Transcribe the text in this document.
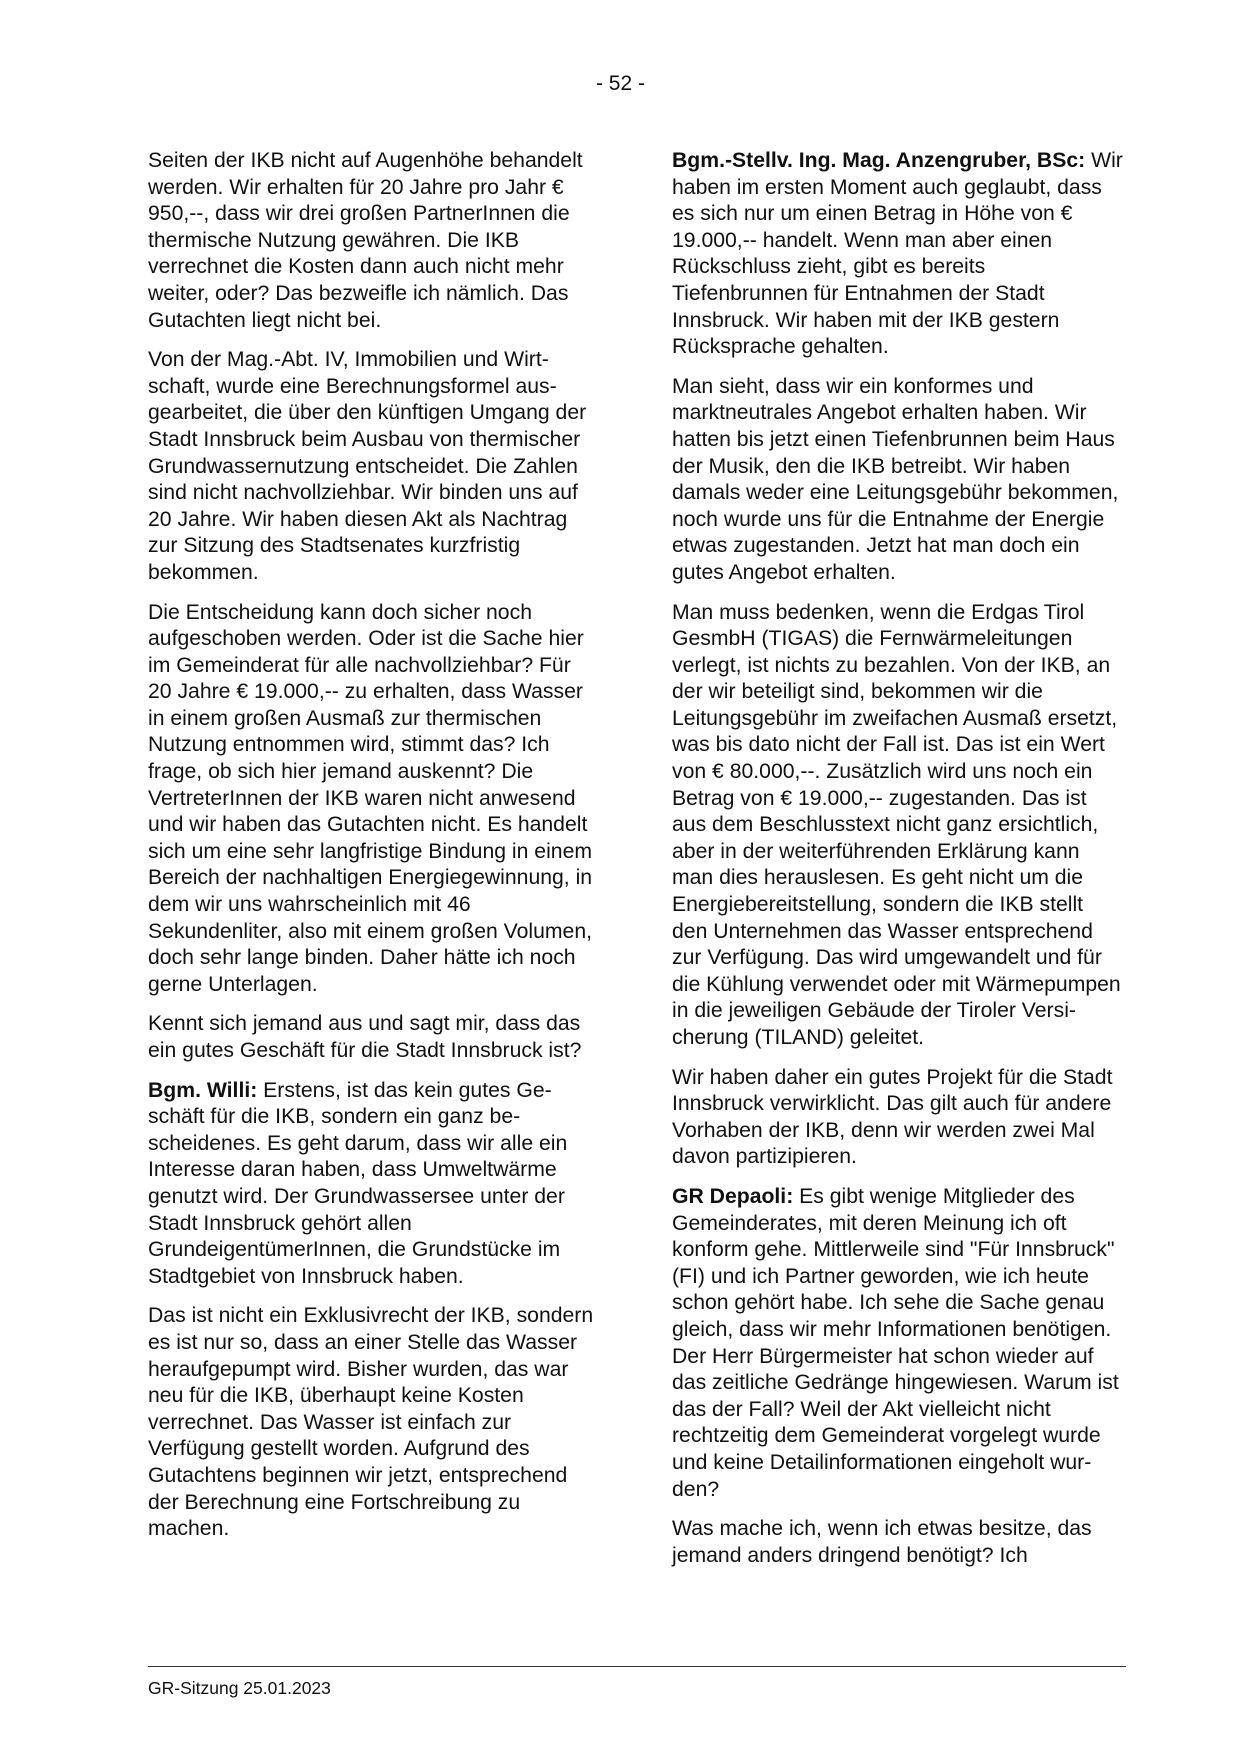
- 52 -

Seiten der IKB nicht auf Augenhöhe behandelt werden. Wir erhalten für 20 Jahre pro Jahr € 950,--, dass wir drei großen PartnerInnen die thermische Nutzung gewähren. Die IKB verrechnet die Kosten dann auch nicht mehr weiter, oder? Das bezweifle ich nämlich. Das Gutachten liegt nicht bei.

Von der Mag.-Abt. IV, Immobilien und Wirtschaft, wurde eine Berechnungsformel ausgearbeitet, die über den künftigen Umgang der Stadt Innsbruck beim Ausbau von thermischer Grundwassernutzung entscheidet. Die Zahlen sind nicht nachvollziehbar. Wir binden uns auf 20 Jahre. Wir haben diesen Akt als Nachtrag zur Sitzung des Stadtsenates kurzfristig bekommen.

Die Entscheidung kann doch sicher noch aufgeschoben werden. Oder ist die Sache hier im Gemeinderat für alle nachvollziehbar? Für 20 Jahre € 19.000,-- zu erhalten, dass Wasser in einem großen Ausmaß zur thermischen Nutzung entnommen wird, stimmt das? Ich frage, ob sich hier jemand auskennt? Die VertreterInnen der IKB waren nicht anwesend und wir haben das Gutachten nicht. Es handelt sich um eine sehr langfristige Bindung in einem Bereich der nachhaltigen Energiegewinnung, in dem wir uns wahrscheinlich mit 46 Sekundenliter, also mit einem großen Volumen, doch sehr lange binden. Daher hätte ich noch gerne Unterlagen.

Kennt sich jemand aus und sagt mir, dass das ein gutes Geschäft für die Stadt Innsbruck ist?

Bgm. Willi: Erstens, ist das kein gutes Geschäft für die IKB, sondern ein ganz bescheidenes. Es geht darum, dass wir alle ein Interesse daran haben, dass Umweltwärme genutzt wird. Der Grundwassersee unter der Stadt Innsbruck gehört allen GrundeigentümerInnen, die Grundstücke im Stadtgebiet von Innsbruck haben.

Das ist nicht ein Exklusivrecht der IKB, sondern es ist nur so, dass an einer Stelle das Wasser heraufgepumpt wird. Bisher wurden, das war neu für die IKB, überhaupt keine Kosten verrechnet. Das Wasser ist einfach zur Verfügung gestellt worden. Aufgrund des Gutachtens beginnen wir jetzt, entsprechend der Berechnung eine Fortschreibung zu machen.

Bgm.-Stellv. Ing. Mag. Anzengruber, BSc: Wir haben im ersten Moment auch geglaubt, dass es sich nur um einen Betrag in Höhe von € 19.000,-- handelt. Wenn man aber einen Rückschluss zieht, gibt es bereits Tiefenbrunnen für Entnahmen der Stadt Innsbruck. Wir haben mit der IKB gestern Rücksprache gehalten.

Man sieht, dass wir ein konformes und marktneutrales Angebot erhalten haben. Wir hatten bis jetzt einen Tiefenbrunnen beim Haus der Musik, den die IKB betreibt. Wir haben damals weder eine Leitungsgebühr bekommen, noch wurde uns für die Entnahme der Energie etwas zugestanden. Jetzt hat man doch ein gutes Angebot erhalten.

Man muss bedenken, wenn die Erdgas Tirol GesmbH (TIGAS) die Fernwärmeleitungen verlegt, ist nichts zu bezahlen. Von der IKB, an der wir beteiligt sind, bekommen wir die Leitungsgebühr im zweifachen Ausmaß ersetzt, was bis dato nicht der Fall ist. Das ist ein Wert von € 80.000,--. Zusätzlich wird uns noch ein Betrag von € 19.000,-- zugestanden. Das ist aus dem Beschlusstext nicht ganz ersichtlich, aber in der weiterführenden Erklärung kann man dies herauslesen. Es geht nicht um die Energiebereitstellung, sondern die IKB stellt den Unternehmen das Wasser entsprechend zur Verfügung. Das wird umgewandelt und für die Kühlung verwendet oder mit Wärmepumpen in die jeweiligen Gebäude der Tiroler Versicherung (TILAND) geleitet.

Wir haben daher ein gutes Projekt für die Stadt Innsbruck verwirklicht. Das gilt auch für andere Vorhaben der IKB, denn wir werden zwei Mal davon partizipieren.

GR Depaoli: Es gibt wenige Mitglieder des Gemeinderates, mit deren Meinung ich oft konform gehe. Mittlerweile sind "Für Innsbruck" (FI) und ich Partner geworden, wie ich heute schon gehört habe. Ich sehe die Sache genau gleich, dass wir mehr Informationen benötigen. Der Herr Bürgermeister hat schon wieder auf das zeitliche Gedränge hingewiesen. Warum ist das der Fall? Weil der Akt vielleicht nicht rechtzeitig dem Gemeinderat vorgelegt wurde und keine Detailinformationen eingeholt wurden?

Was mache ich, wenn ich etwas besitze, das jemand anders dringend benötigt? Ich

GR-Sitzung 25.01.2023
